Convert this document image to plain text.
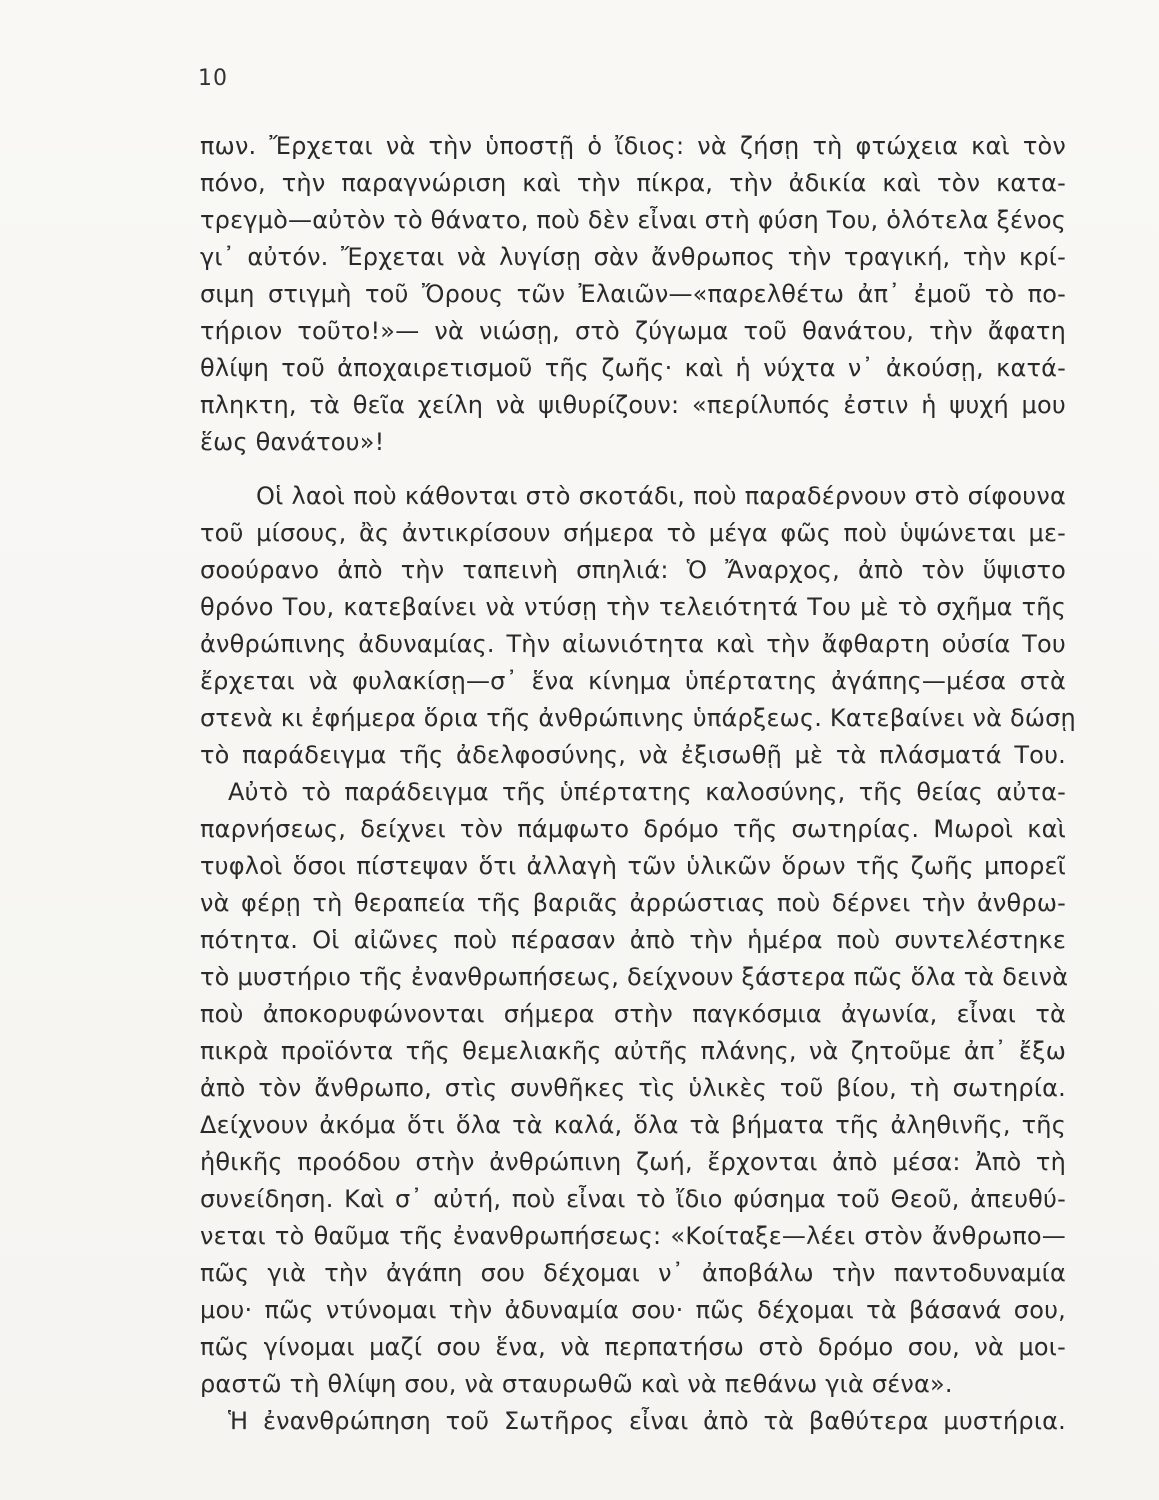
10
πων. Ἔρχεται νὰ τὴν ὑποστῇ ὁ ἴδιος: νὰ ζήσῃ τὴ φτώχεια καὶ τὸν
πόνο, τὴν παραγνώριση καὶ τὴν πίκρα, τὴν ἀδικία καὶ τὸν κατα-
τρεγμὸ—αὐτὸν τὸ θάνατο, ποὺ δὲν εἶναι στὴ φύση Του, ὁλότελα ξένος
γι᾽ αὐτόν. Ἔρχεται νὰ λυγίσῃ σὰν ἄνθρωπος τὴν τραγική, τὴν κρί-
σιμη στιγμὴ τοῦ Ὄρους τῶν Ἐλαιῶν—«παρελθέτω ἀπ᾽ ἐμοῦ τὸ πο-
τήριον τοῦτο!»— νὰ νιώσῃ, στὸ ζύγωμα τοῦ θανάτου, τὴν ἄφατη
θλίψη τοῦ ἀποχαιρετισμοῦ τῆς ζωῆς· καὶ ἡ νύχτα ν᾽ ἀκούσῃ, κατά-
πληκτη, τὰ θεῖα χείλη νὰ ψιθυρίζουν: «περίλυπός ἐστιν ἡ ψυχή μου
ἕως θανάτου»!
Οἱ λαοὶ ποὺ κάθονται στὸ σκοτάδι, ποὺ παραδέρνουν στὸ σίφουνα
τοῦ μίσους, ἂς ἀντικρίσουν σήμερα τὸ μέγα φῶς ποὺ ὑψώνεται με-
σοούρανο ἀπὸ τὴν ταπεινὴ σπηλιά: Ὁ Ἄναρχος, ἀπὸ τὸν ὕψιστο
θρόνο Του, κατεβαίνει νὰ ντύσῃ τὴν τελειότητά Του μὲ τὸ σχῆμα τῆς
ἀνθρώπινης ἀδυναμίας. Τὴν αἰωνιότητα καὶ τὴν ἄφθαρτη οὐσία Του
ἔρχεται νὰ φυλακίσῃ—σ᾽ ἕνα κίνημα ὑπέρτατης ἀγάπης—μέσα στὰ
στενὰ κι ἐφήμερα ὅρια τῆς ἀνθρώπινης ὑπάρξεως. Κατεβαίνει νὰ δώσῃ
τὸ παράδειγμα τῆς ἀδελφοσύνης, νὰ ἐξισωθῇ μὲ τὰ πλάσματά Του.
Αὐτὸ τὸ παράδειγμα τῆς ὑπέρτατης καλοσύνης, τῆς θείας αὐτα-
παρνήσεως, δείχνει τὸν πάμφωτο δρόμο τῆς σωτηρίας. Μωροὶ καὶ
τυφλοὶ ὅσοι πίστεψαν ὅτι ἀλλαγὴ τῶν ὑλικῶν ὅρων τῆς ζωῆς μπορεῖ
νὰ φέρῃ τὴ θεραπεία τῆς βαριᾶς ἀρρώστιας ποὺ δέρνει τὴν ἀνθρω-
πότητα. Οἱ αἰῶνες ποὺ πέρασαν ἀπὸ τὴν ἡμέρα ποὺ συντελέστηκε
τὸ μυστήριο τῆς ἐνανθρωπήσεως, δείχνουν ξάστερα πῶς ὅλα τὰ δεινὰ
ποὺ ἀποκορυφώνονται σήμερα στὴν παγκόσμια ἀγωνία, εἶναι τὰ
πικρὰ προϊόντα τῆς θεμελιακῆς αὐτῆς πλάνης, νὰ ζητοῦμε ἀπ᾽ ἔξω
ἀπὸ τὸν ἄνθρωπο, στὶς συνθῆκες τὶς ὑλικὲς τοῦ βίου, τὴ σωτηρία.
Δείχνουν ἀκόμα ὅτι ὅλα τὰ καλά, ὅλα τὰ βήματα τῆς ἀληθινῆς, τῆς
ἠθικῆς προόδου στὴν ἀνθρώπινη ζωή, ἔρχονται ἀπὸ μέσα: Ἀπὸ τὴ
συνείδηση. Καὶ σ᾽ αὐτή, ποὺ εἶναι τὸ ἴδιο φύσημα τοῦ Θεοῦ, ἀπευθύ-
νεται τὸ θαῦμα τῆς ἐνανθρωπήσεως: «Κοίταξε—λέει στὸν ἄνθρωπο—
πῶς γιὰ τὴν ἀγάπη σου δέχομαι ν᾽ ἀποβάλω τὴν παντοδυναμία
μου· πῶς ντύνομαι τὴν ἀδυναμία σου· πῶς δέχομαι τὰ βάσανά σου,
πῶς γίνομαι μαζί σου ἕνα, νὰ περπατήσω στὸ δρόμο σου, νὰ μοι-
ραστῶ τὴ θλίψη σου, νὰ σταυρωθῶ καὶ νὰ πεθάνω γιὰ σένα».
Ἡ ἐνανθρώπηση τοῦ Σωτῆρος εἶναι ἀπὸ τὰ βαθύτερα μυστήρια.
